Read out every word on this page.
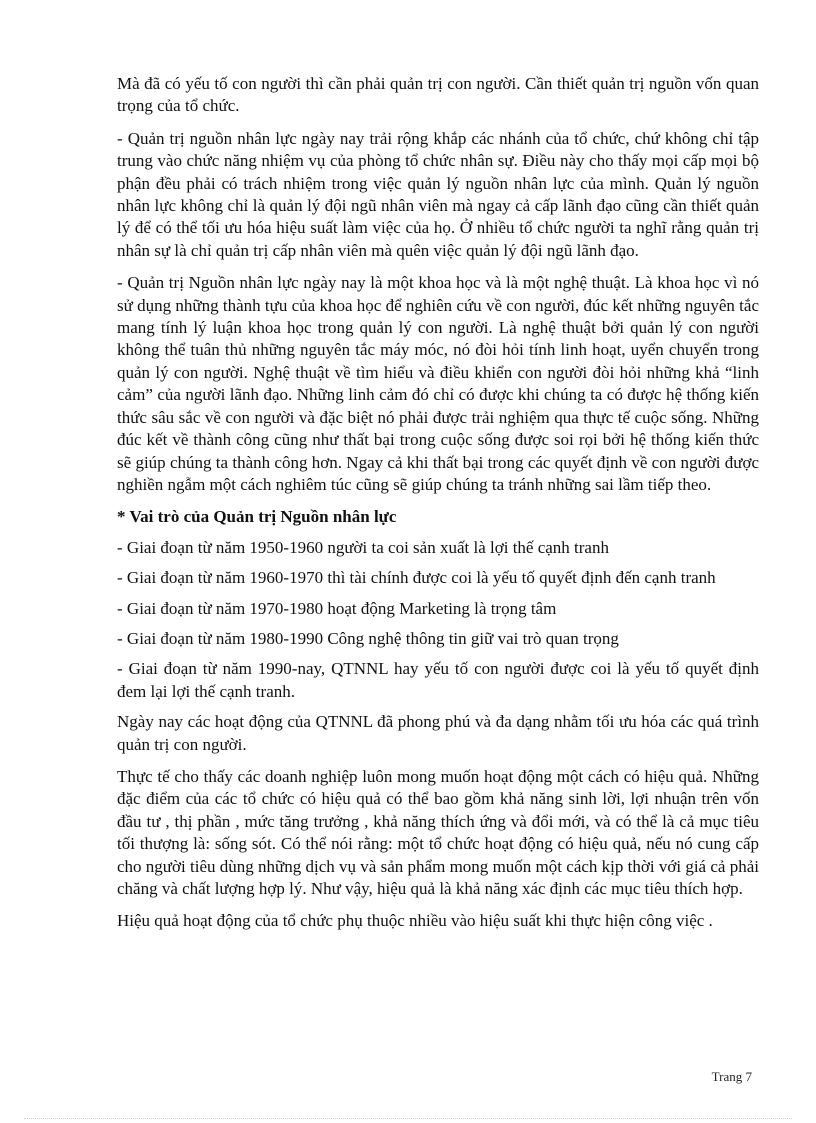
Mà đã có yếu tố con người thì cần phải quản trị con người. Cần thiết quản trị nguồn vốn quan trọng của tổ chức.

- Quản trị nguồn nhân lực ngày nay trải rộng khắp các nhánh của tổ chức, chứ không chỉ tập trung vào chức năng nhiệm vụ của phòng tổ chức nhân sự. Điều này cho thấy mọi cấp mọi bộ phận đều phải có trách nhiệm trong việc quản lý nguồn nhân lực của mình. Quản lý nguồn nhân lực không chỉ là quản lý đội ngũ nhân viên mà ngay cả cấp lãnh đạo cũng cần thiết quản lý để có thể tối ưu hóa hiệu suất làm việc của họ. Ở nhiều tổ chức người ta nghĩ rằng quản trị nhân sự là chỉ quản trị cấp nhân viên mà quên việc quản lý đội ngũ lãnh đạo.

- Quản trị Nguồn nhân lực ngày nay là một khoa học và là một nghệ thuật. Là khoa học vì nó sử dụng những thành tựu của khoa học để nghiên cứu về con người, đúc kết những nguyên tắc mang tính lý luận khoa học trong quản lý con người. Là nghệ thuật bởi quản lý con người không thể tuân thủ những nguyên tắc máy móc, nó đòi hỏi tính linh hoạt, uyển chuyển trong quản lý con người. Nghệ thuật về tìm hiểu và điều khiển con người đòi hỏi những khả “linh cảm” của người lãnh đạo. Những linh cảm đó chỉ có được khi chúng ta có được hệ thống kiến thức sâu sắc về con người và đặc biệt nó phải được trải nghiệm qua thực tế cuộc sống. Những đúc kết về thành công cũng như thất bại trong cuộc sống được soi rọi bởi hệ thống kiến thức sẽ giúp chúng ta thành công hơn. Ngay cả khi thất bại trong các quyết định về con người được nghiền ngẫm một cách nghiêm túc cũng sẽ giúp chúng ta tránh những sai lầm tiếp theo.

* Vai trò của Quản trị Nguồn nhân lực

- Giai đoạn từ năm 1950-1960 người ta coi sản xuất là lợi thế cạnh tranh

- Giai đoạn từ năm 1960-1970 thì tài chính được coi là yếu tố quyết định đến cạnh tranh

- Giai đoạn từ năm 1970-1980 hoạt động Marketing là trọng tâm

- Giai đoạn từ năm 1980-1990 Công nghệ thông tin giữ vai trò quan trọng

- Giai đoạn từ năm 1990-nay, QTNNL hay yếu tố con người được coi là yếu tố quyết định đem lại lợi thế cạnh tranh.

Ngày nay các hoạt động của QTNNL đã phong phú và đa dạng nhằm tối ưu hóa các quá trình quản trị con người.

Thực tế cho thấy các doanh nghiệp luôn mong muốn hoạt động một cách có hiệu quả. Những đặc điểm của các tổ chức có hiệu quả có thể bao gồm khả năng sinh lời, lợi nhuận trên vốn đầu tư , thị phần , mức tăng trưởng , khả năng thích ứng và đổi mới, và có thể là cả mục tiêu tối thượng là: sống sót. Có thể nói rằng: một tổ chức hoạt động có hiệu quả, nếu nó cung cấp cho người tiêu dùng những dịch vụ và sản phẩm mong muốn một cách kịp thời với giá cả phải chăng và chất lượng hợp lý. Như vậy, hiệu quả là khả năng xác định các mục tiêu thích hợp.

Hiệu quả hoạt động của tổ chức phụ thuộc nhiều vào hiệu suất khi thực hiện công việc .

Trang 7
